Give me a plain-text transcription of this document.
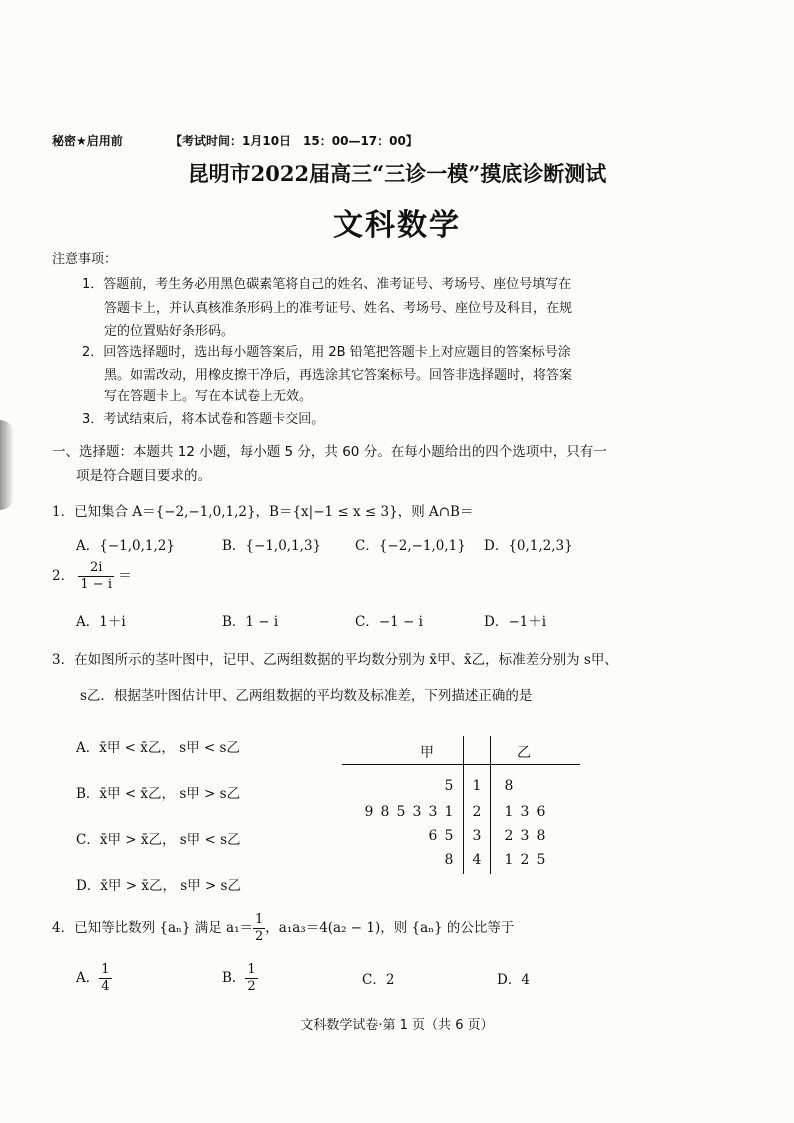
秘密★启用前	【考试时间：1月10日　15：00—17：00】
昆明市2022届高三“三诊一模”摸底诊断测试
文科数学
注意事项：
1．答题前，考生务必用黑色碳素笔将自己的姓名、准考证号、考场号、座位号填写在
答题卡上，并认真核准条形码上的准考证号、姓名、考场号、座位号及科目，在规
定的位置贴好条形码。
2．回答选择题时，选出每小题答案后，用 2B 铅笔把答题卡上对应题目的答案标号涂
黑。如需改动，用橡皮擦干净后，再选涂其它答案标号。回答非选择题时，将答案
写在答题卡上。写在本试卷上无效。
3．考试结束后，将本试卷和答题卡交回。
一、选择题：本题共 12 小题，每小题 5 分，共 60 分。在每小题给出的四个选项中，只有一
项是符合题目要求的。
1．已知集合 A＝{−2,−1,0,1,2}，B＝{x|−1 ≤ x ≤ 3}，则 A∩B＝
A．{−1,0,1,2}	B．{−1,0,1,3}	C．{−2,−1,0,1} D．{0,1,2,3}
2． $\frac{2i}{1 - i}$ ＝
A．1＋i	B．1 − i	C．−1 − i	D．−1＋i
3．在如图所示的茎叶图中，记甲、乙两组数据的平均数分别为 x̄甲、x̄乙，标准差分别为 s甲、
s乙．根据茎叶图估计甲、乙两组数据的平均数及标准差，下列描述正确的是
A．x̄甲 < x̄乙， s甲 < s乙
B．x̄甲 < x̄乙， s甲 > s乙
C．x̄甲 > x̄乙， s甲 < s乙
D．x̄甲 > x̄乙， s甲 > s乙
甲	乙
5	1	8
9 8 5 3 3 1	2	1 3 6
6 5	3	2 3 8
8	4	1 2 5
4．已知等比数列 {aₙ} 满足 $a_1= \frac{1}{2}$ ，a₁a₃＝4(a₂ − 1)，则 {aₙ} 的公比等于
A． $\frac{1}{4}$	B． $\frac{1}{2}$	C．2	D．4
文科数学试卷·第 1 页（共 6 页）
